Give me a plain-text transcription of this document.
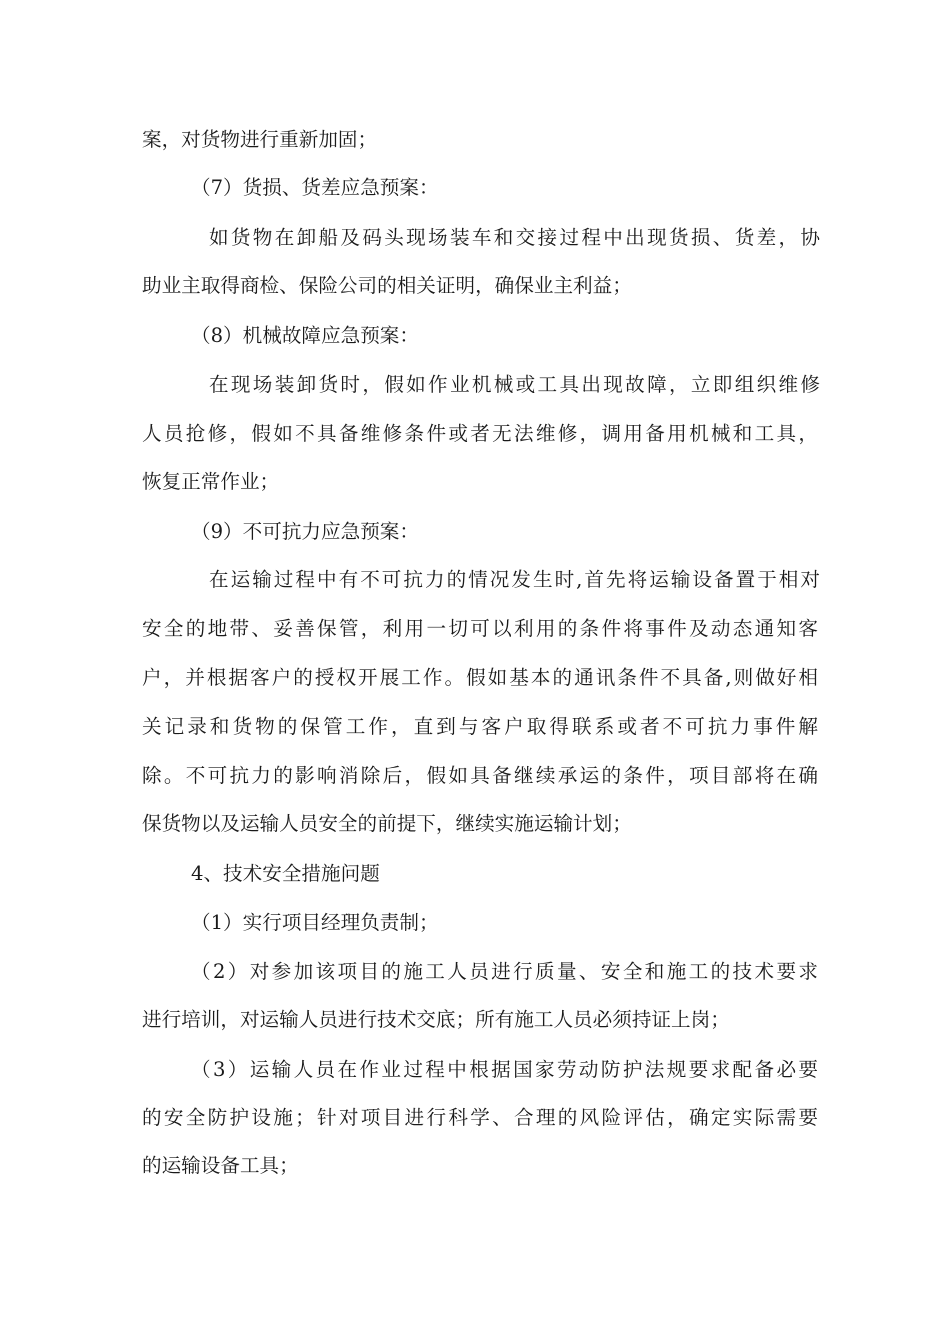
案，对货物进行重新加固；
（7）货损、货差应急预案：
如货物在卸船及码头现场装车和交接过程中出现货损、货差，协
助业主取得商检、保险公司的相关证明，确保业主利益；
（8）机械故障应急预案：
在现场装卸货时，假如作业机械或工具出现故障，立即组织维修
人员抢修，假如不具备维修条件或者无法维修，调用备用机械和工具，
恢复正常作业；
（9）不可抗力应急预案：
在运输过程中有不可抗力的情况发生时,首先将运输设备置于相对
安全的地带、妥善保管，利用一切可以利用的条件将事件及动态通知客
户，并根据客户的授权开展工作。假如基本的通讯条件不具备,则做好相
关记录和货物的保管工作，直到与客户取得联系或者不可抗力事件解
除。不可抗力的影响消除后，假如具备继续承运的条件，项目部将在确
保货物以及运输人员安全的前提下，继续实施运输计划；
4、技术安全措施问题
（1）实行项目经理负责制；
（2）对参加该项目的施工人员进行质量、安全和施工的技术要求
进行培训，对运输人员进行技术交底；所有施工人员必须持证上岗；
（3）运输人员在作业过程中根据国家劳动防护法规要求配备必要
的安全防护设施；针对项目进行科学、合理的风险评估，确定实际需要
的运输设备工具；
